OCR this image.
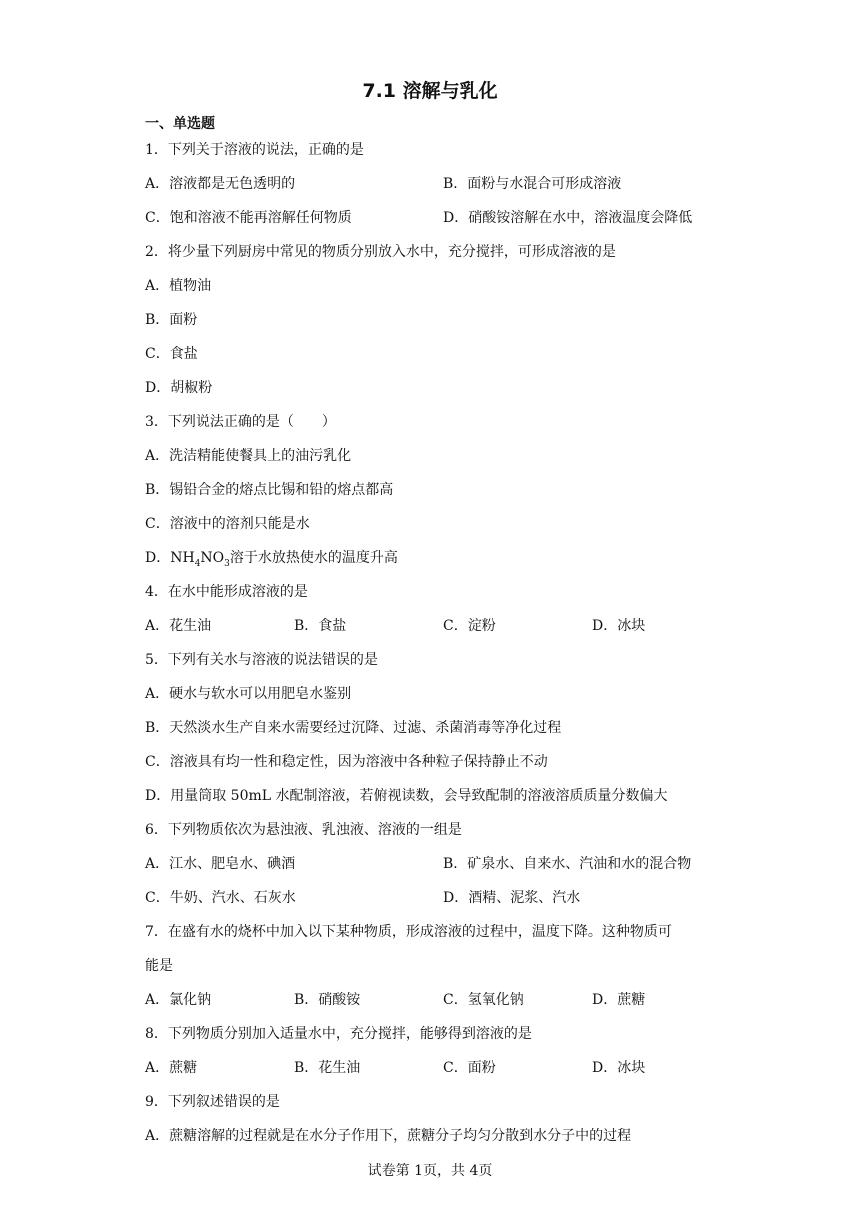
7.1 溶解与乳化
一、单选题
1．下列关于溶液的说法，正确的是
A．溶液都是无色透明的	B．面粉与水混合可形成溶液
C．饱和溶液不能再溶解任何物质	D．硝酸铵溶解在水中，溶液温度会降低
2．将少量下列厨房中常见的物质分别放入水中，充分搅拌，可形成溶液的是
A．植物油
B．面粉
C．食盐
D．胡椒粉
3．下列说法正确的是（　　）
A．洗洁精能使餐具上的油污乳化
B．锡铅合金的熔点比锡和铅的熔点都高
C．溶液中的溶剂只能是水
D．$NH_4NO_3$溶于水放热使水的温度升高
4．在水中能形成溶液的是
A．花生油	B．食盐	C．淀粉	D．冰块
5．下列有关水与溶液的说法错误的是
A．硬水与软水可以用肥皂水鉴别
B．天然淡水生产自来水需要经过沉降、过滤、杀菌消毒等净化过程
C．溶液具有均一性和稳定性，因为溶液中各种粒子保持静止不动
D．用量筒取 50mL 水配制溶液，若俯视读数，会导致配制的溶液溶质质量分数偏大
6．下列物质依次为悬浊液、乳浊液、溶液的一组是
A．江水、肥皂水、碘酒	B．矿泉水、自来水、汽油和水的混合物
C．牛奶、汽水、石灰水	D．酒精、泥浆、汽水
7．在盛有水的烧杯中加入以下某种物质，形成溶液的过程中，温度下降。这种物质可
能是
A．氯化钠	B．硝酸铵	C．氢氧化钠	D．蔗糖
8．下列物质分别加入适量水中，充分搅拌，能够得到溶液的是
A．蔗糖	B．花生油	C．面粉	D．冰块
9．下列叙述错误的是
A．蔗糖溶解的过程就是在水分子作用下，蔗糖分子均匀分散到水分子中的过程
试卷第 1页，共 4页
